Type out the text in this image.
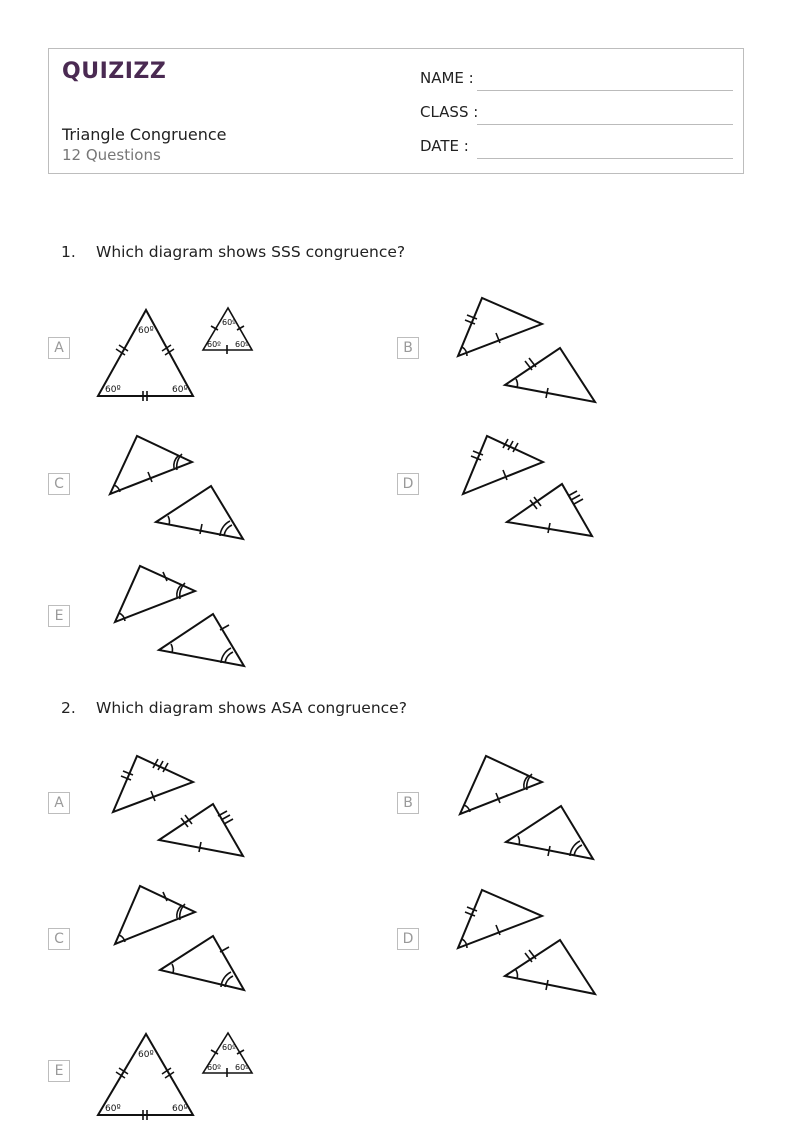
QUIZIZZ
Triangle Congruence
12 Questions
NAME :
CLASS :
DATE :
1. Which diagram shows SSS congruence?
A	B
C	D
E
60º
60º	60º
60º
60º 60º
2. Which diagram shows ASA congruence?
A	B
C	D
E
60º
60º	60º
60º
60º 60º
